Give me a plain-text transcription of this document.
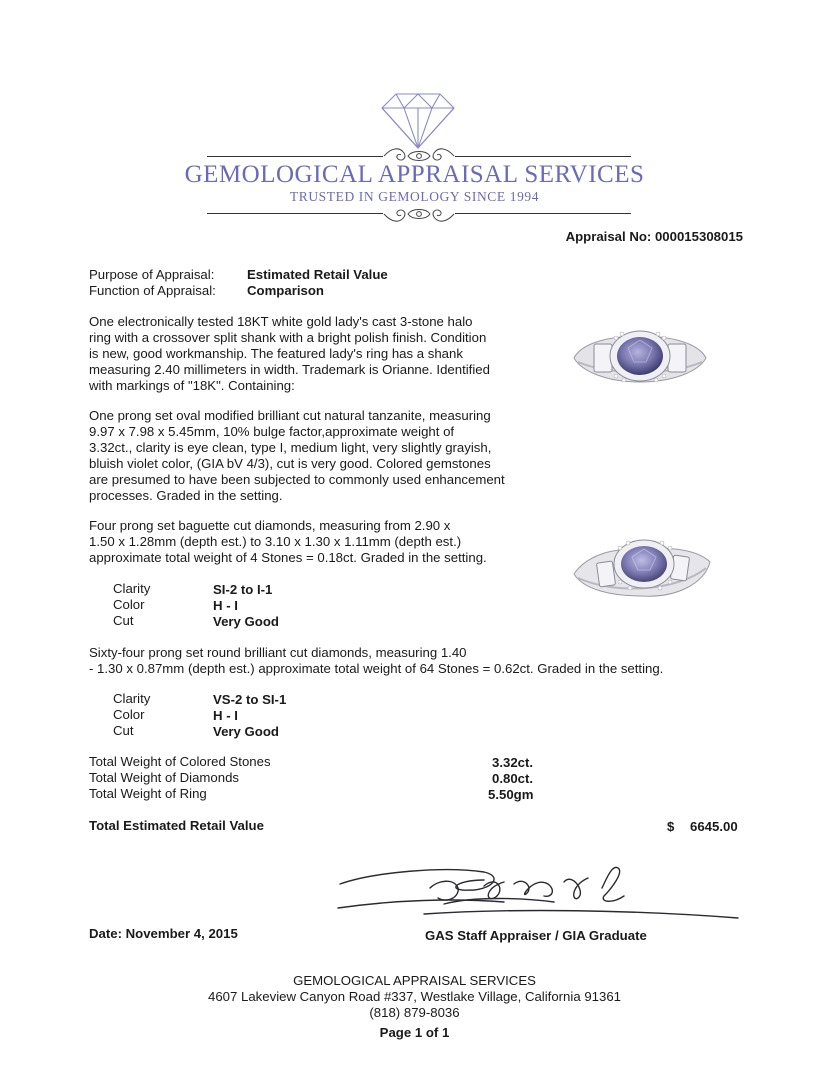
GEMOLOGICAL APPRAISAL SERVICES
TRUSTED IN GEMOLOGY SINCE 1994
Appraisal No: 000015308015
Purpose of Appraisal: Estimated Retail Value
Function of Appraisal: Comparison
One electronically tested 18KT white gold lady's cast 3-stone halo
ring with a crossover split shank with a bright polish finish. Condition
is new, good workmanship. The featured lady's ring has a shank
measuring 2.40 millimeters in width. Trademark is Orianne. Identified
with markings of "18K". Containing:
One prong set oval modified brilliant cut natural tanzanite, measuring
9.97 x 7.98 x 5.45mm, 10% bulge factor,approximate weight of
3.32ct., clarity is eye clean, type I, medium light, very slightly grayish,
bluish violet color, (GIA bV 4/3), cut is very good. Colored gemstones
are presumed to have been subjected to commonly used enhancement
processes. Graded in the setting.
Four prong set baguette cut diamonds, measuring from 2.90 x
1.50 x 1.28mm (depth est.) to 3.10 x 1.30 x 1.11mm (depth est.)
approximate total weight of 4 Stones = 0.18ct. Graded in the setting.
Clarity	SI-2 to I-1
Color	H - I
Cut	Very Good
Sixty-four prong set round brilliant cut diamonds, measuring 1.40
- 1.30 x 0.87mm (depth est.) approximate total weight of 64 Stones = 0.62ct. Graded in the setting.
Clarity	VS-2 to SI-1
Color	H - I
Cut	Very Good
Total Weight of Colored Stones	3.32ct.
Total Weight of Diamonds	0.80ct.
Total Weight of Ring	5.50gm
Total Estimated Retail Value	$ 6645.00
Date: November 4, 2015	GAS Staff Appraiser / GIA Graduate
GEMOLOGICAL APPRAISAL SERVICES
4607 Lakeview Canyon Road #337, Westlake Village, California 91361
(818) 879-8036
Page 1 of 1
